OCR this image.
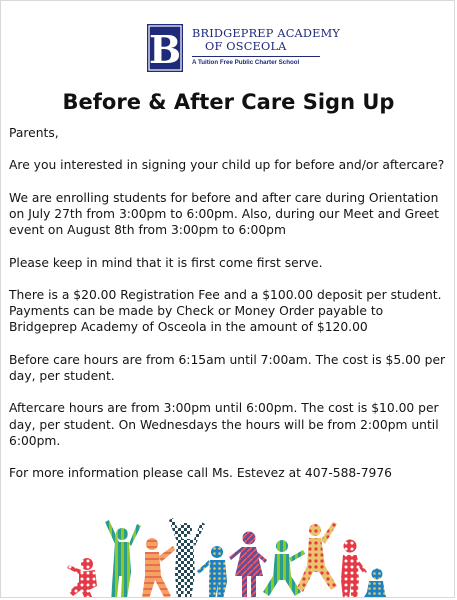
B BRIDGEPREP ACADEMY
OF OSCEOLA
A Tuition Free Public Charter School
Before & After Care Sign Up

Parents,

Are you interested in signing your child up for before and/or aftercare?

We are enrolling students for before and after care during Orientation on July 27th from 3:00pm to 6:00pm. Also, during our Meet and Greet event on August 8th from 3:00pm to 6:00pm

Please keep in mind that it is first come first serve.

There is a $20.00 Registration Fee and a $100.00 deposit per student. Payments can be made by Check or Money Order payable to Bridgeprep Academy of Osceola in the amount of $120.00

Before care hours are from 6:15am until 7:00am. The cost is $5.00 per day, per student.

Aftercare hours are from 3:00pm until 6:00pm. The cost is $10.00 per day, per student. On Wednesdays the hours will be from 2:00pm until 6:00pm.

For more information please call Ms. Estevez at 407-588-7976
